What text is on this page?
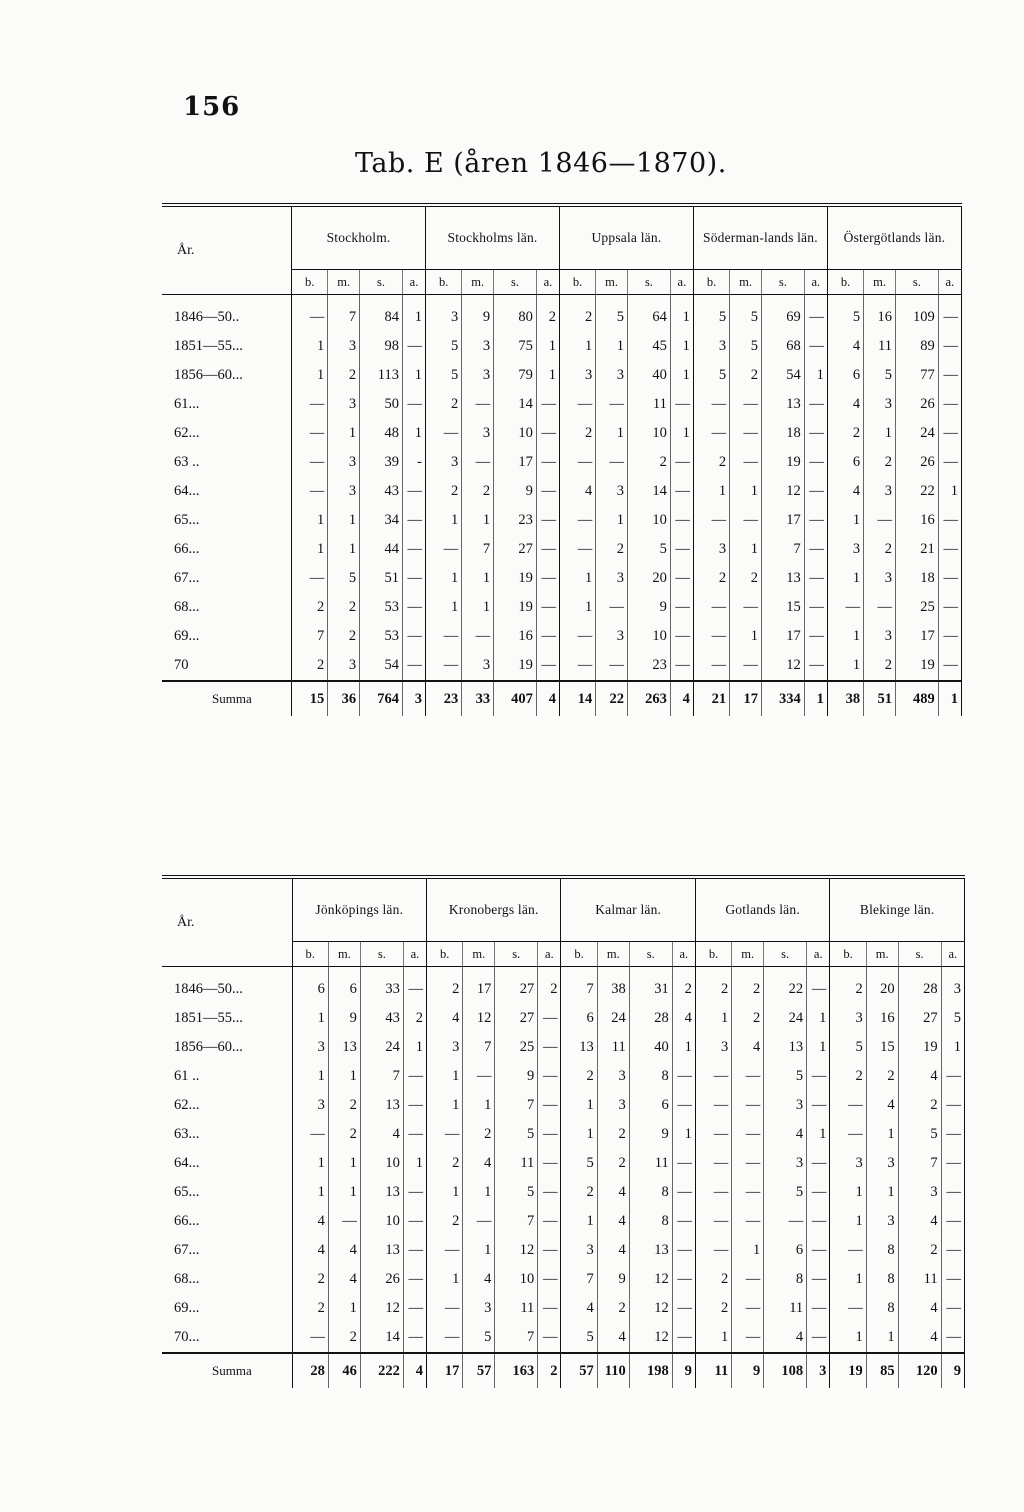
156
Tab. E (åren 1846—1870).
År.	Stockholm.				Stockholms län.				Uppsala län.				Söderman-lands län.				Östergötlands län.			
	b.	m.	s.	a.	b.	m.	s.	a.	b.	m.	s.	a.	b.	m.	s.	a.	b.	m.	s.	a.
1846—50..	—	7	84	1	3	9	80	2	2	5	64	1	5	5	69	—	5	16	109	—
1851—55...	1	3	98	—	5	3	75	1	1	1	45	1	3	5	68	—	4	11	89	—
1856—60...	1	2	113	1	5	3	79	1	3	3	40	1	5	2	54	1	6	5	77	—
61...	—	3	50	—	2	—	14	—	—	—	11	—	—	—	13	—	4	3	26	—
62...	—	1	48	1	—	3	10	—	2	1	10	1	—	—	18	—	2	1	24	—
63 ..	—	3	39	-	3	—	17	—	—	—	2	—	2	—	19	—	6	2	26	—
64...	—	3	43	—	2	2	9	—	4	3	14	—	1	1	12	—	4	3	22	1
65...	1	1	34	—	1	1	23	—	—	1	10	—	—	—	17	—	1	—	16	—
66...	1	1	44	—	—	7	27	—	—	2	5	—	3	1	7	—	3	2	21	—
67...	—	5	51	—	1	1	19	—	1	3	20	—	2	2	13	—	1	3	18	—
68...	2	2	53	—	1	1	19	—	1	—	9	—	—	—	15	—	—	—	25	—
69...	7	2	53	—	—	—	16	—	—	3	10	—	—	1	17	—	1	3	17	—
70	2	3	54	—	—	3	19	—	—	—	23	—	—	—	12	—	1	2	19	—
Summa	15	36	764	3	23	33	407	4	14	22	263	4	21	17	334	1	38	51	489	1
År.	Jönköpings län.				Kronobergs län.				Kalmar län.				Gotlands län.				Blekinge län.			
	b.	m.	s.	a.	b.	m.	s.	a.	b.	m.	s.	a.	b.	m.	s.	a.	b.	m.	s.	a.
1846—50...	6	6	33	—	2	17	27	2	7	38	31	2	2	2	22	—	2	20	28	3
1851—55...	1	9	43	2	4	12	27	—	6	24	28	4	1	2	24	1	3	16	27	5
1856—60...	3	13	24	1	3	7	25	—	13	11	40	1	3	4	13	1	5	15	19	1
61 ..	1	1	7	—	1	—	9	—	2	3	8	—	—	—	5	—	2	2	4	—
62...	3	2	13	—	1	1	7	—	1	3	6	—	—	—	3	—	—	4	2	—
63...	—	2	4	—	—	2	5	—	1	2	9	1	—	—	4	1	—	1	5	—
64...	1	1	10	1	2	4	11	—	5	2	11	—	—	—	3	—	3	3	7	—
65...	1	1	13	—	1	1	5	—	2	4	8	—	—	—	5	—	1	1	3	—
66...	4	—	10	—	2	—	7	—	1	4	8	—	—	—	—	—	1	3	4	—
67...	4	4	13	—	—	1	12	—	3	4	13	—	—	1	6	—	—	8	2	—
68...	2	4	26	—	1	4	10	—	7	9	12	—	2	—	8	—	1	8	11	—
69...	2	1	12	—	—	3	11	—	4	2	12	—	2	—	11	—	—	8	4	—
70...	—	2	14	—	—	5	7	—	5	4	12	—	1	—	4	—	1	1	4	—
Summa	28	46	222	4	17	57	163	2	57	110	198	9	11	9	108	3	19	85	120	9
